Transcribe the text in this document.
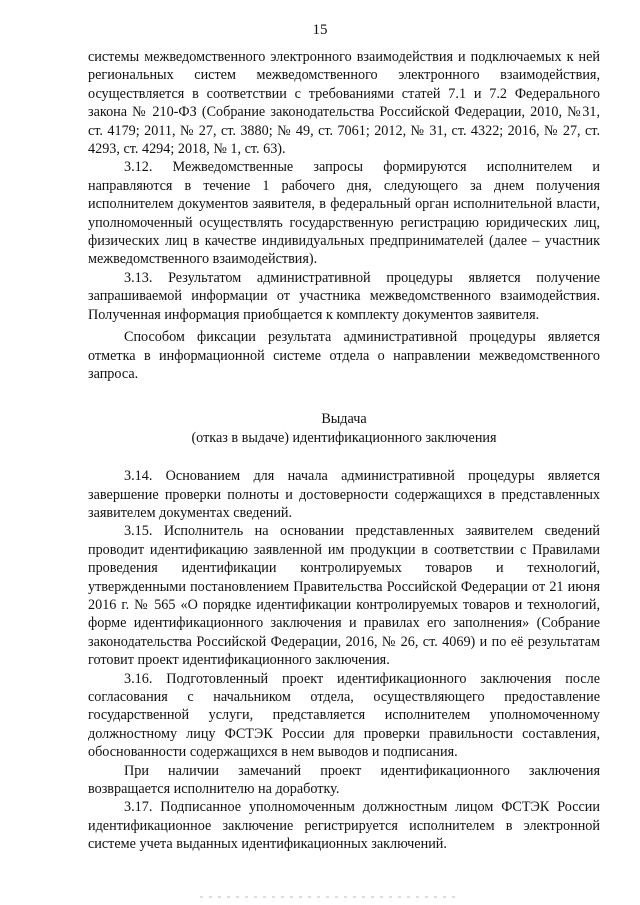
15

системы межведомственного электронного взаимодействия и подключаемых к ней региональных систем межведомственного электронного взаимодействия, осуществляется в соответствии с требованиями статей 7.1 и 7.2 Федерального закона № 210-ФЗ (Собрание законодательства Российской Федерации, 2010, №31, ст. 4179; 2011, № 27, ст. 3880; № 49, ст. 7061; 2012, № 31, ст. 4322; 2016, № 27, ст. 4293, ст. 4294; 2018, № 1, ст. 63).

3.12. Межведомственные запросы формируются исполнителем и направляются в течение 1 рабочего дня, следующего за днем получения исполнителем документов заявителя, в федеральный орган исполнительной власти, уполномоченный осуществлять государственную регистрацию юридических лиц, физических лиц в качестве индивидуальных предпринимателей (далее – участник межведомственного взаимодействия).

3.13. Результатом административной процедуры является получение запрашиваемой информации от участника межведомственного взаимодействия. Полученная информация приобщается к комплекту документов заявителя.

Способом фиксации результата административной процедуры является отметка в информационной системе отдела о направлении межведомственного запроса.

Выдача

(отказ в выдаче) идентификационного заключения

3.14. Основанием для начала административной процедуры является завершение проверки полноты и достоверности содержащихся в представленных заявителем документах сведений.

3.15. Исполнитель на основании представленных заявителем сведений проводит идентификацию заявленной им продукции в соответствии с Правилами проведения идентификации контролируемых товаров и технологий, утвержденными постановлением Правительства Российской Федерации от 21 июня 2016 г. № 565 «О порядке идентификации контролируемых товаров и технологий, форме идентификационного заключения и правилах его заполнения» (Собрание законодательства Российской Федерации, 2016, № 26, ст. 4069) и по её результатам готовит проект идентификационного заключения.

3.16. Подготовленный проект идентификационного заключения после согласования с начальником отдела, осуществляющего предоставление государственной услуги, представляется исполнителем уполномоченному должностному лицу ФСТЭК России для проверки правильности составления, обоснованности содержащихся в нем выводов и подписания.

При наличии замечаний проект идентификационного заключения возвращается исполнителю на доработку.

3.17. Подписанное уполномоченным должностным лицом ФСТЭК России идентификационное заключение регистрируется исполнителем в электронной системе учета выданных идентификационных заключений.
